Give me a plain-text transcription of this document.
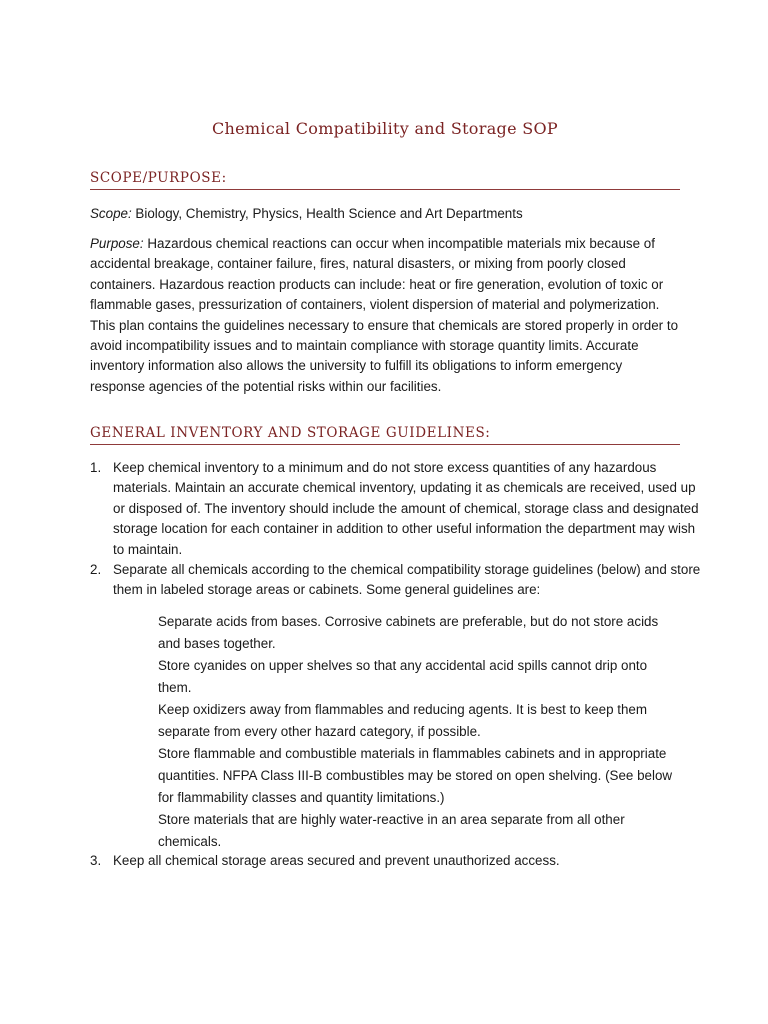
Chemical Compatibility and Storage SOP
SCOPE/PURPOSE:

Scope: Biology, Chemistry, Physics, Health Science and Art Departments

Purpose: Hazardous chemical reactions can occur when incompatible materials mix because of accidental breakage, container failure, fires, natural disasters, or mixing from poorly closed containers. Hazardous reaction products can include: heat or fire generation, evolution of toxic or flammable gases, pressurization of containers, violent dispersion of material and polymerization. This plan contains the guidelines necessary to ensure that chemicals are stored properly in order to avoid incompatibility issues and to maintain compliance with storage quantity limits. Accurate inventory information also allows the university to fulfill its obligations to inform emergency response agencies of the potential risks within our facilities.

GENERAL INVENTORY AND STORAGE GUIDELINES:
1. Keep chemical inventory to a minimum and do not store excess quantities of any hazardous materials. Maintain an accurate chemical inventory, updating it as chemicals are received, used up or disposed of. The inventory should include the amount of chemical, storage class and designated storage location for each container in addition to other useful information the department may wish to maintain.
2. Separate all chemicals according to the chemical compatibility storage guidelines (below) and store them in labeled storage areas or cabinets. Some general guidelines are:
3. Keep all chemical storage areas secured and prevent unauthorized access.
Separate acids from bases. Corrosive cabinets are preferable, but do not store acids and bases together.
Store cyanides on upper shelves so that any accidental acid spills cannot drip onto them.
Keep oxidizers away from flammables and reducing agents. It is best to keep them separate from every other hazard category, if possible.
Store flammable and combustible materials in flammables cabinets and in appropriate quantities. NFPA Class III-B combustibles may be stored on open shelving. (See below for flammability classes and quantity limitations.)
Store materials that are highly water-reactive in an area separate from all other chemicals.
